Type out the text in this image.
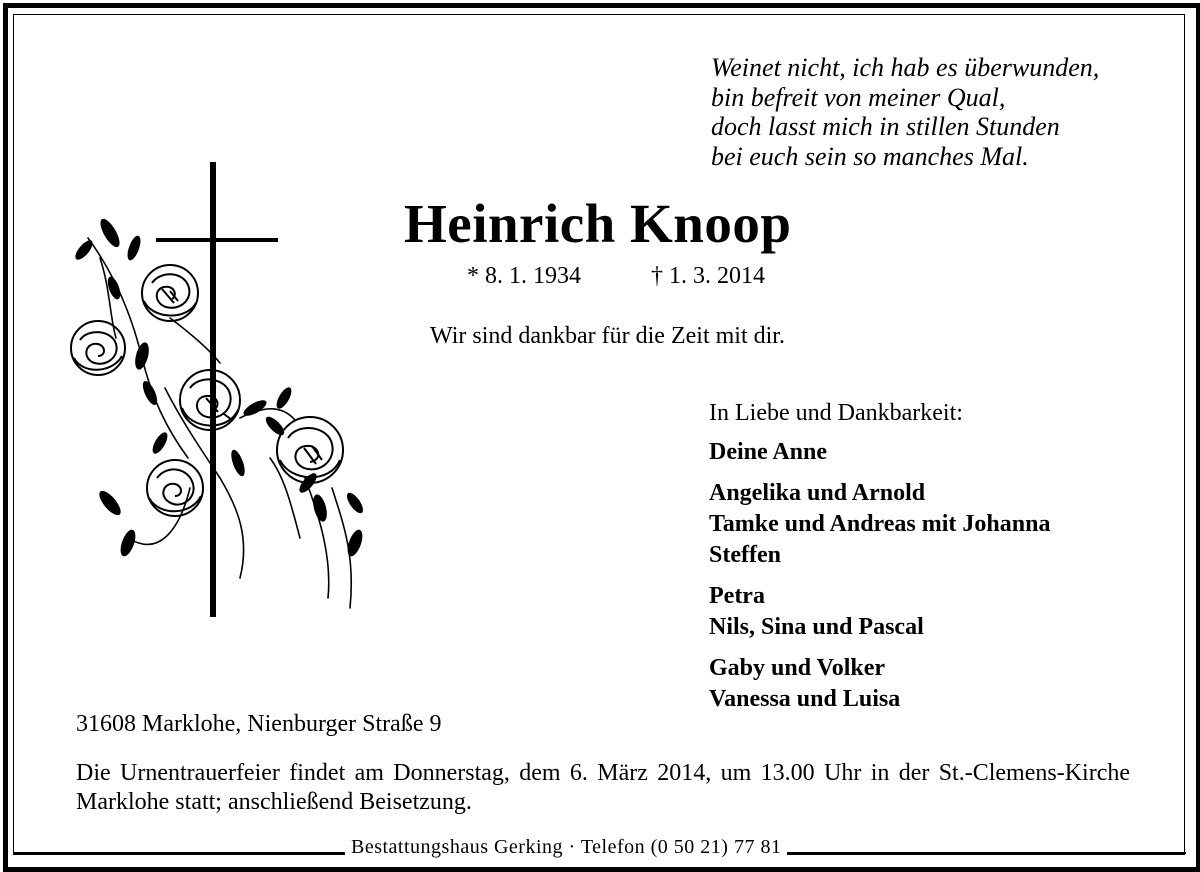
Weinet nicht, ich hab es überwunden,
bin befreit von meiner Qual,
doch lasst mich in stillen Stunden
bei euch sein so manches Mal.
Heinrich Knoop
* 8. 1. 1934	† 1. 3. 2014
Wir sind dankbar für die Zeit mit dir.
In Liebe und Dankbarkeit:
Deine Anne
Angelika und Arnold
Tamke und Andreas mit Johanna
Steffen
Petra
Nils, Sina und Pascal
Gaby und Volker
Vanessa und Luisa
31608 Marklohe, Nienburger Straße 9
Die Urnentrauerfeier findet am Donnerstag, dem 6. März 2014, um 13.00 Uhr in der St.-Clemens-Kirche Marklohe statt; anschließend Beisetzung.
Bestattungshaus Gerking · Telefon (0 50 21) 77 81
